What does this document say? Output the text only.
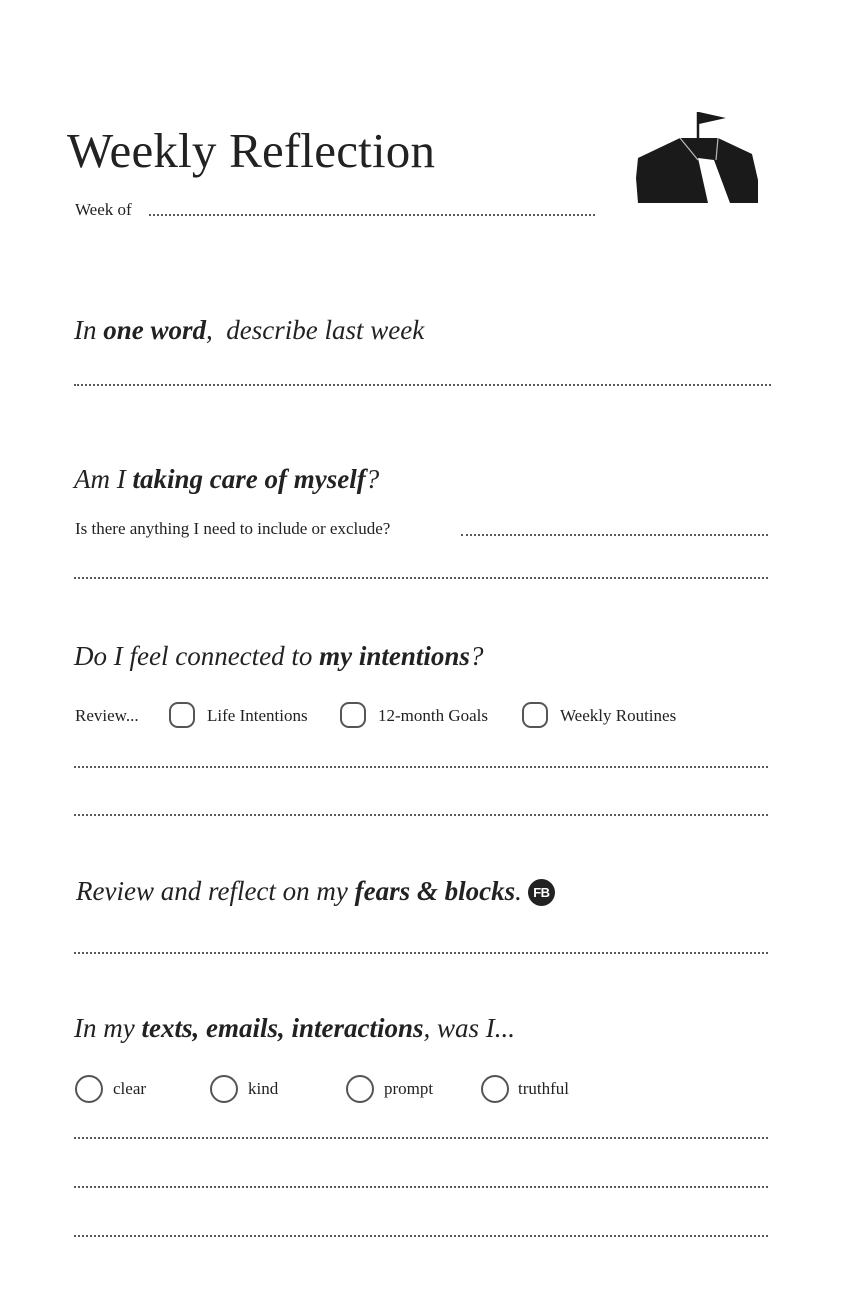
Weekly Reflection
Week of
In one word,  describe last week
Am I taking care of myself?
Is there anything I need to include or exclude?
Do I feel connected to my intentions?
Review...	Life Intentions	12-month Goals	Weekly Routines
Review and reflect on my fears & blocks. FB
In my texts, emails, interactions, was I...
clear	kind	prompt	truthful
